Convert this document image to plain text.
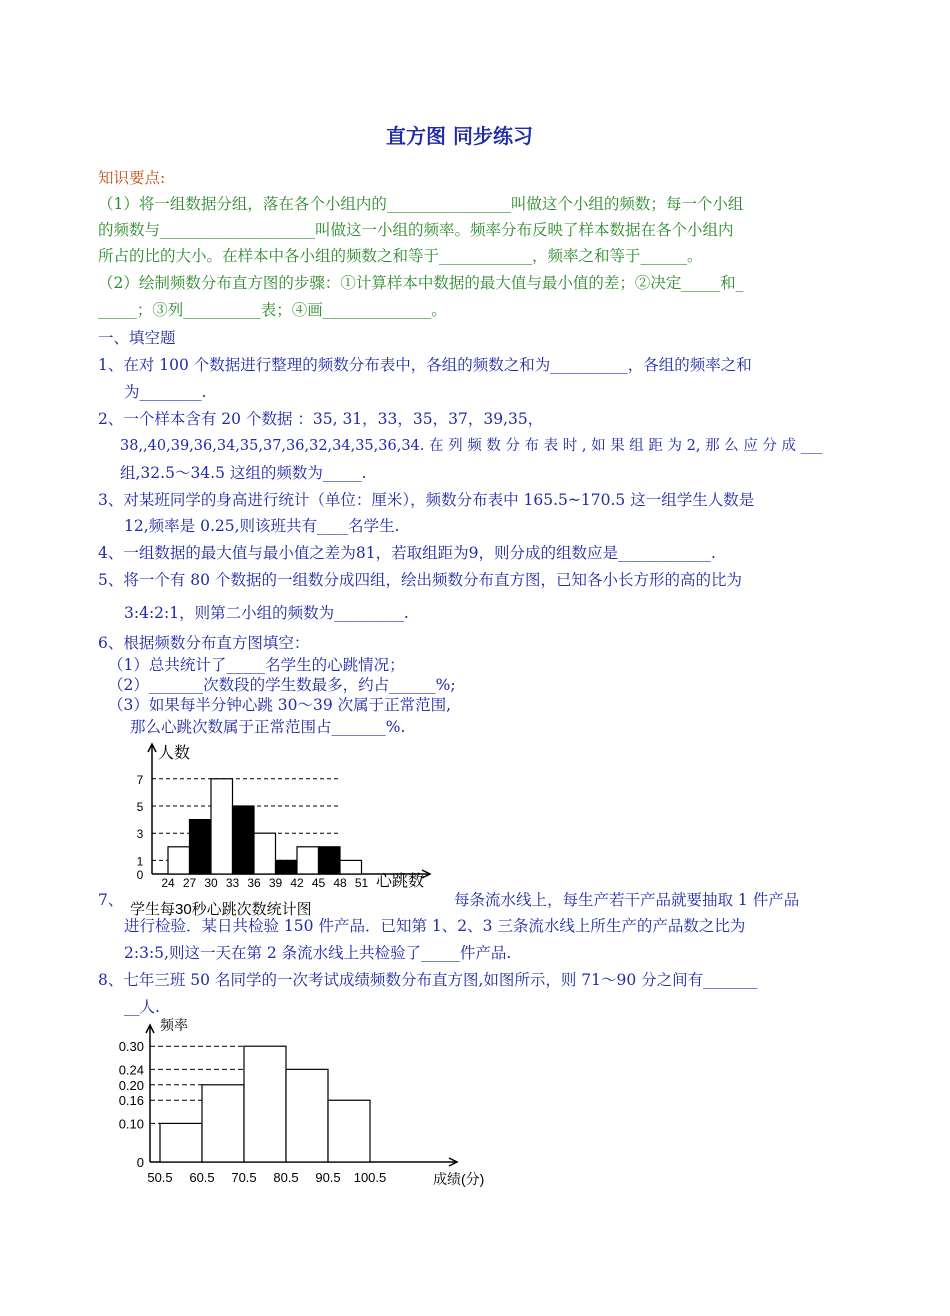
直方图 同步练习
知识要点:
（1）将一组数据分组，落在各个小组内的________________叫做这个小组的频数；每一个小组
的频数与____________________叫做这一小组的频率。频率分布反映了样本数据在各个小组内
所占的比的大小。在样本中各小组的频数之和等于____________，频率之和等于______。
（2）绘制频数分布直方图的步骤：①计算样本中数据的最大值与最小值的差；②决定_____和_
_____；③列__________表；④画______________。
一、填空题
1、在对 100 个数据进行整理的频数分布表中，各组的频数之和为__________，各组的频率之和
为________.
2、一个样本含有 20 个数据 ：35, 31，33，35，37，39,35，
38,,40,39,36,34,35,37,36,32,34,35,36,34. 在 列 频 数 分 布 表 时 , 如 果 组 距 为 2, 那 么 应 分 成 ___
组,32.5～34.5 这组的频数为_____.
3、对某班同学的身高进行统计（单位：厘米），频数分布表中 165.5~170.5 这一组学生人数是
12,频率是 0.25,则该班共有____名学生.
4、一组数据的最大值与最小值之差为81，若取组距为9，则分成的组数应是____________.
5、将一个有 80 个数据的一组数分成四组，绘出频数分布直方图，已知各小长方形的高的比为
3:4:2:1，则第二小组的频数为_________.
6、根据频数分布直方图填空：
（1）总共统计了_____名学生的心跳情况；
（2）_______次数段的学生数最多，约占______%;
（3）如果每半分钟心跳 30～39 次属于正常范围,
那么心跳次数属于正常范围占_______%.
7、	每条流水线上，每生产若干产品就要抽取 1 件产品
进行检验．某日共检验 150 件产品．已知第 1、2、3 三条流水线上所生产的产品数之比为
2:3:5,则这一天在第 2 条流水线上共检验了_____件产品.
8、七年三班 50 名同学的一次考试成绩频数分布直方图,如图所示，则 71～90 分之间有_______
__人.
0
1
3
5
7
24 27 30 33 36 39 42 45 48 51
人数
心跳数
学生每30秒心跳次数统计图
0
0.10
0.16
0.20
0.24
0.30
50.5 60.5 70.5 80.5 90.5 100.5
频率
成绩(分)
